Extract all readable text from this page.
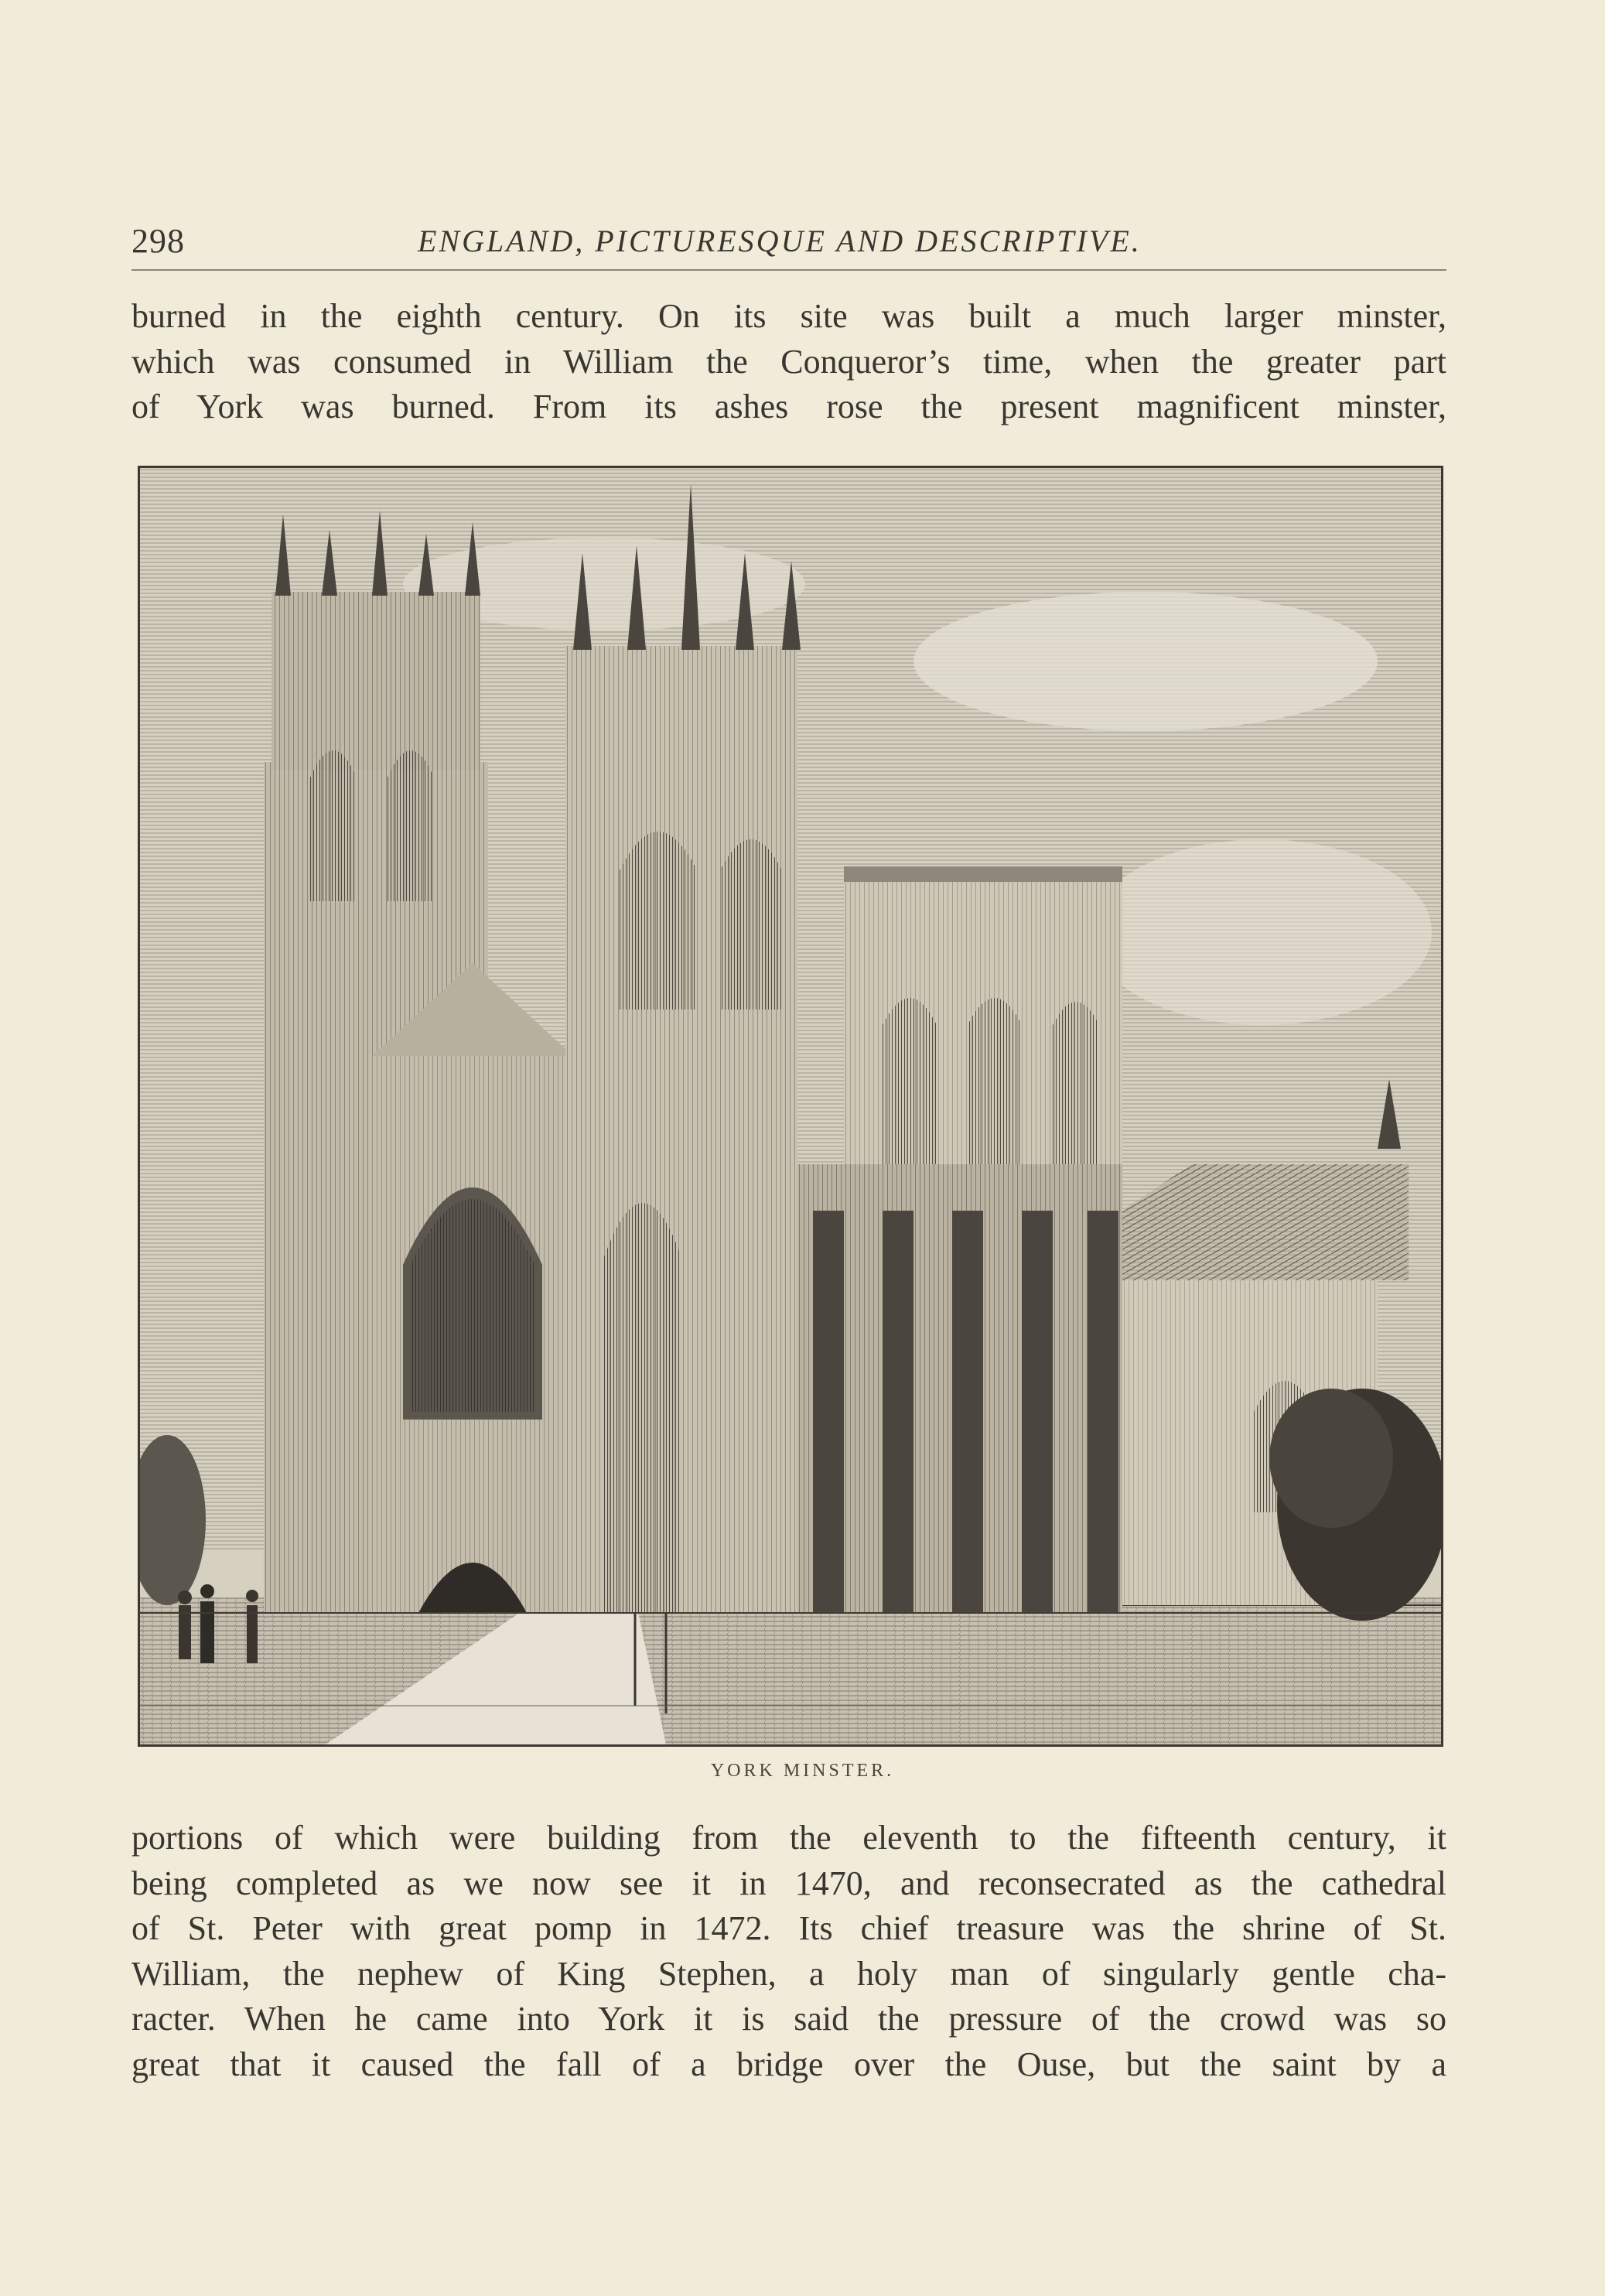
298	ENGLAND, PICTURESQUE AND DESCRIPTIVE.

burned in the eighth century. On its site was built a much larger minster,
which was consumed in William the Conqueror’s time, when the greater part
of York was burned. From its ashes rose the present magnificent minster,

YORK MINSTER.

portions of which were building from the eleventh to the fifteenth century, it
being completed as we now see it in 1470, and reconsecrated as the cathedral
of St. Peter with great pomp in 1472. Its chief treasure was the shrine of St.
William, the nephew of King Stephen, a holy man of singularly gentle cha-
racter. When he came into York it is said the pressure of the crowd was so
great that it caused the fall of a bridge over the Ouse, but the saint by a
